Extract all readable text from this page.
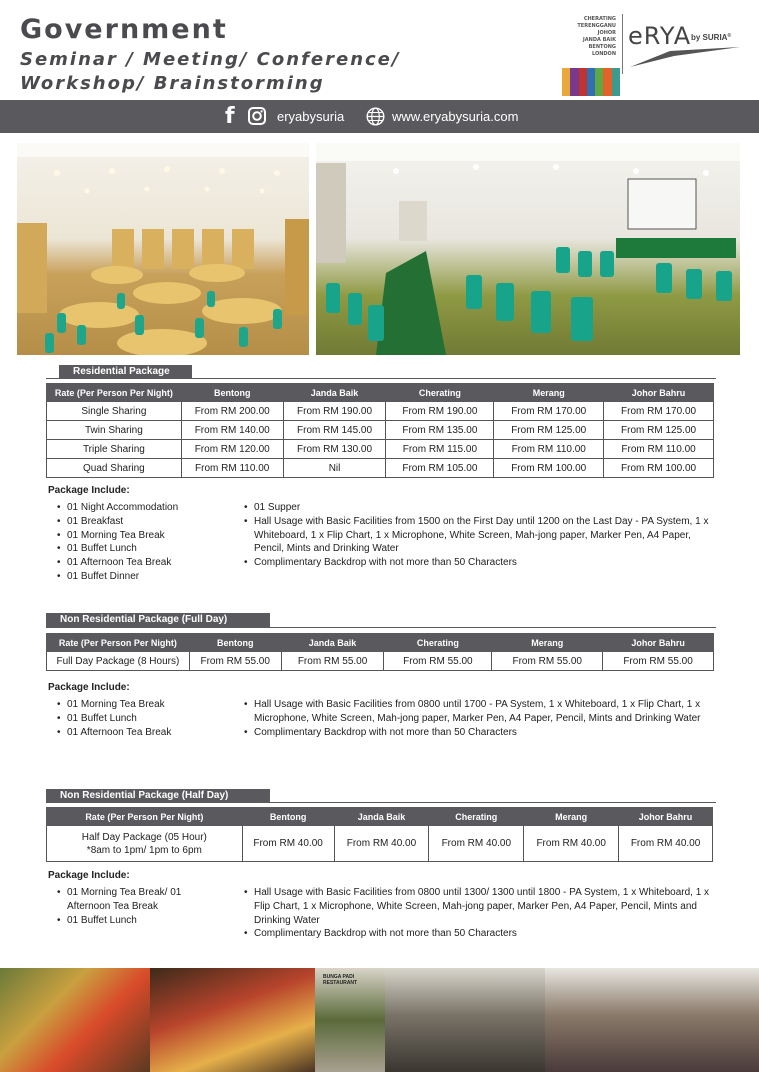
Government
Seminar / Meeting/ Conference/
Workshop/ Brainstorming
CHERATING
TERENGGANU
JOHOR
JANDA BAIK
BENTONG
LONDON
eRYA by SURIA®
f	eryabysuria	www.eryabysuria.com
Residential Package
Rate (Per Person Per Night)	Bentong	Janda Baik	Cherating	Merang	Johor Bahru
Single Sharing	From RM 200.00	From RM 190.00	From RM 190.00	From RM 170.00	From RM 170.00
Twin Sharing	From RM 140.00	From RM 145.00	From RM 135.00	From RM 125.00	From RM 125.00
Triple Sharing	From RM 120.00	From RM 130.00	From RM 115.00	From RM 110.00	From RM 110.00
Quad Sharing	From RM 110.00	Nil	From RM 105.00	From RM 100.00	From RM 100.00
Package Include:
• 01 Night Accommodation
• 01 Breakfast
• 01 Morning Tea Break
• 01 Buffet Lunch
• 01 Afternoon Tea Break
• 01 Buffet Dinner
• 01 Supper
• Hall Usage with Basic Facilities from 1500 on the First Day until 1200 on the Last Day - PA System, 1 x Whiteboard, 1 x Flip Chart, 1 x Microphone, White Screen, Mah-jong paper, Marker Pen, A4 Paper, Pencil, Mints and Drinking Water
• Complimentary Backdrop with not more than 50 Characters
Non Residential Package (Full Day)
Rate (Per Person Per Night)	Bentong	Janda Baik	Cherating	Merang	Johor Bahru
Full Day Package (8 Hours)	From RM 55.00	From RM 55.00	From RM 55.00	From RM 55.00	From RM 55.00
Package Include:
• 01 Morning Tea Break
• 01 Buffet Lunch
• 01 Afternoon Tea Break
• Hall Usage with Basic Facilities from 0800 until 1700 - PA System, 1 x Whiteboard, 1 x Flip Chart, 1 x Microphone, White Screen, Mah-jong paper, Marker Pen, A4 Paper, Pencil, Mints and Drinking Water
• Complimentary Backdrop with not more than 50 Characters
Non Residential Package (Half Day)
Rate (Per Person Per Night)	Bentong	Janda Baik	Cherating	Merang	Johor Bahru

Half Day Package (05 Hour)
*8am to 1pm/ 1pm to 6pm	From RM 40.00	From RM 40.00	From RM 40.00	From RM 40.00	From RM 40.00
Package Include:
• 01 Morning Tea Break/ 01 Afternoon Tea Break
• 01 Buffet Lunch
• Hall Usage with Basic Facilities from 0800 until 1300/ 1300 until 1800 - PA System, 1 x Whiteboard, 1 x Flip Chart, 1 x Microphone, White Screen, Mah-jong paper, Marker Pen, A4 Paper, Pencil, Mints and Drinking Water
• Complimentary Backdrop with not more than 50 Characters
BUNGA PADI RESTAURANT
